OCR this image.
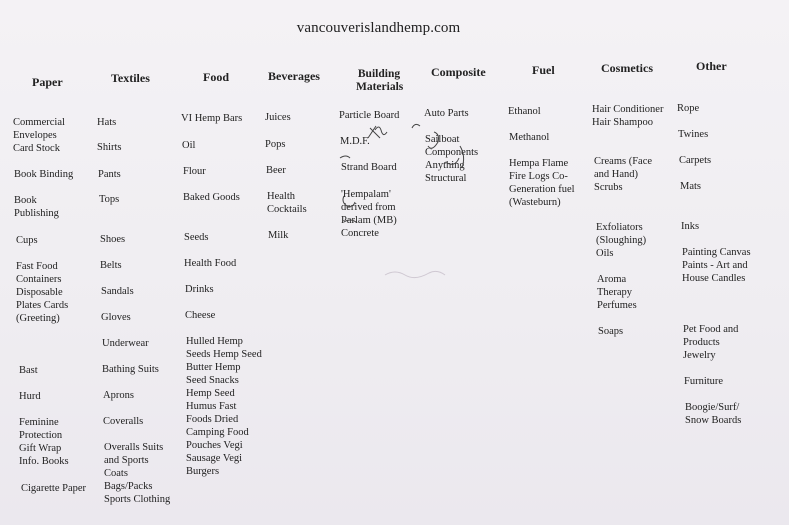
vancouverislandhemp.com
Paper
Commercial Envelopes Card Stock
Book Binding
Book Publishing
Cups
Fast Food Containers Disposable Plates Cards (Greeting)
Bast
Hurd
Feminine Protection Gift Wrap Info. Books
Cigarette Paper
Textiles
Hats
Shirts
Pants
Tops
Shoes
Belts
Sandals
Gloves
Underwear
Bathing Suits
Aprons
Coveralls
Overalls Suits and Sports Coats Bags/Packs Sports Clothing
Food
VI Hemp Bars
Oil
Flour
Baked Goods
Seeds
Health Food
Drinks
Cheese
Hulled Hemp Seeds Hemp Seed Butter Hemp Seed Snacks Hemp Seed Humus Fast Foods Dried Camping Food Pouches Vegi Sausage Vegi Burgers
Beverages
Juices
Pops
Beer
Health Cocktails
Milk
Building Materials
Particle Board
M.D.F.
Strand Board
'Hempalam' derived from Parlam (MB) Concrete
Composite
Auto Parts
Sailboat Components Anything Structural
Fuel
Ethanol
Methanol
Hempa Flame Fire Logs Co-Generation fuel (Wasteburn)
Cosmetics
Hair Conditioner Hair Shampoo
Creams (Face and Hand) Scrubs
Exfoliators (Sloughing) Oils
Aroma Therapy Perfumes
Soaps
Other
Rope
Twines
Carpets
Mats
Inks
Painting Canvas Paints - Art and House Candles
Pet Food and Products Jewelry
Furniture
Boogie/Surf/ Snow Boards
